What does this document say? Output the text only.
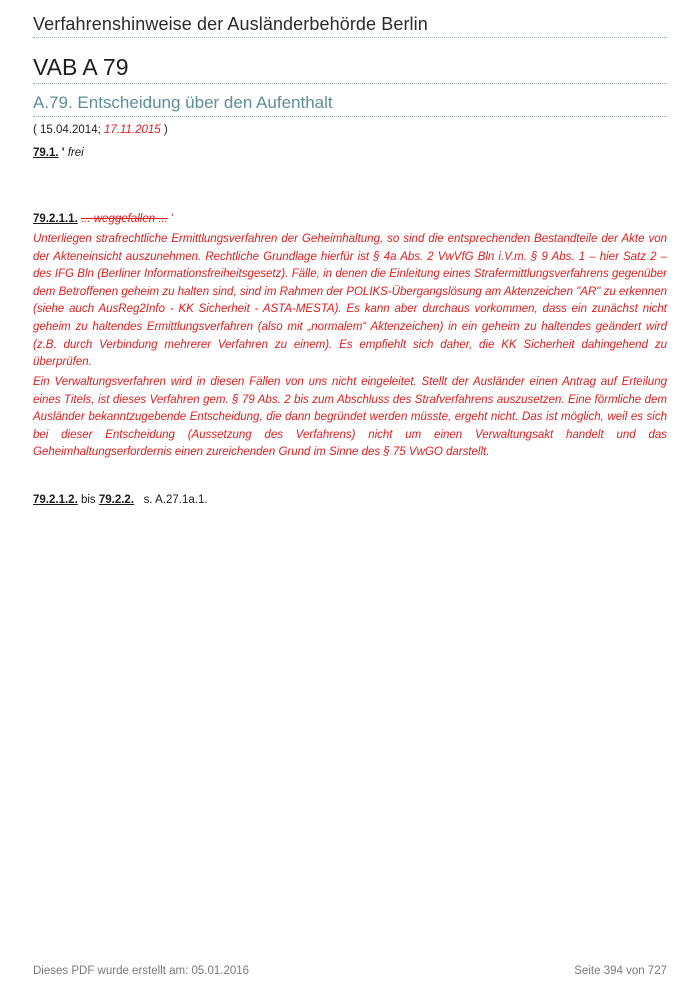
Verfahrenshinweise der Ausländerbehörde Berlin
VAB A 79
A.79. Entscheidung über den Aufenthalt
( 15.04.2014; 17.11.2015 )
79.1. ' frei
79.2.1.1. ... weggefallen ... '

Unterliegen strafrechtliche Ermittlungsverfahren der Geheimhaltung, so sind die entsprechenden Bestandteile der Akte von der Akteneinsicht auszunehmen. Rechtliche Grundlage hierfür ist § 4a Abs. 2 VwVfG Bln i.V.m. § 9 Abs. 1 – hier Satz 2 – des IFG Bln (Berliner Informationsfreiheitsgesetz). Fälle, in denen die Einleitung eines Strafermittlungsverfahrens gegenüber dem Betroffenen geheim zu halten sind, sind im Rahmen der POLIKS-Übergangslösung am Aktenzeichen "AR" zu erkennen (siehe auch AusReg2Info - KK Sicherheit - ASTA-MESTA). Es kann aber durchaus vorkommen, dass ein zunächst nicht geheim zu haltendes Ermittlungsverfahren (also mit „normalem“ Aktenzeichen) in ein geheim zu haltendes geändert wird (z.B. durch Verbindung mehrerer Verfahren zu einem). Es empfiehlt sich daher, die KK Sicherheit dahingehend zu überprüfen.

Ein Verwaltungsverfahren wird in diesen Fällen von uns nicht eingeleitet. Stellt der Ausländer einen Antrag auf Erteilung eines Titels, ist dieses Verfahren gem. § 79 Abs. 2 bis zum Abschluss des Strafverfahrens auszusetzen. Eine förmliche dem Ausländer bekanntzugebende Entscheidung, die dann begründet werden müsste, ergeht nicht. Das ist möglich, weil es sich bei dieser Entscheidung (Aussetzung des Verfahrens) nicht um einen Verwaltungsakt handelt und das Geheimhaltungserfordernis einen zureichenden Grund im Sinne des § 75 VwGO darstellt.

79.2.1.2. bis 79.2.2. s. A.27.1a.1.
Dieses PDF wurde erstellt am: 05.01.2016	Seite 394 von 727
